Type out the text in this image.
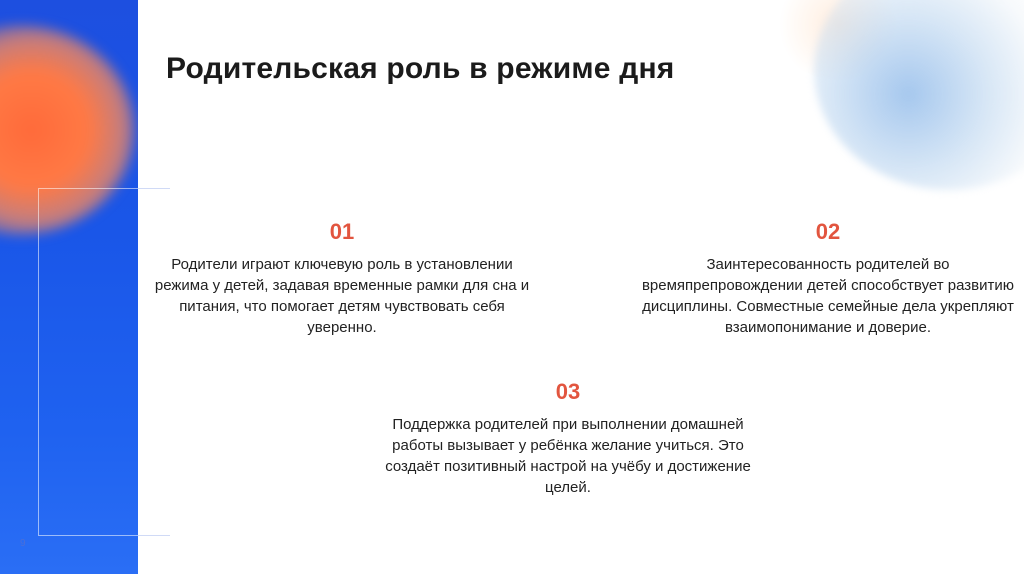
9
Родительская роль в режиме дня
01
Родители играют ключевую роль в установлении режима у детей, задавая временные рамки для сна и питания, что помогает детям чувствовать себя уверенно.
02
Заинтересованность родителей во времяпрепровождении детей способствует развитию дисциплины. Совместные семейные дела укрепляют взаимопонимание и доверие.
03
Поддержка родителей при выполнении домашней работы вызывает у ребёнка желание учиться. Это создаёт позитивный настрой на учёбу и достижение целей.
